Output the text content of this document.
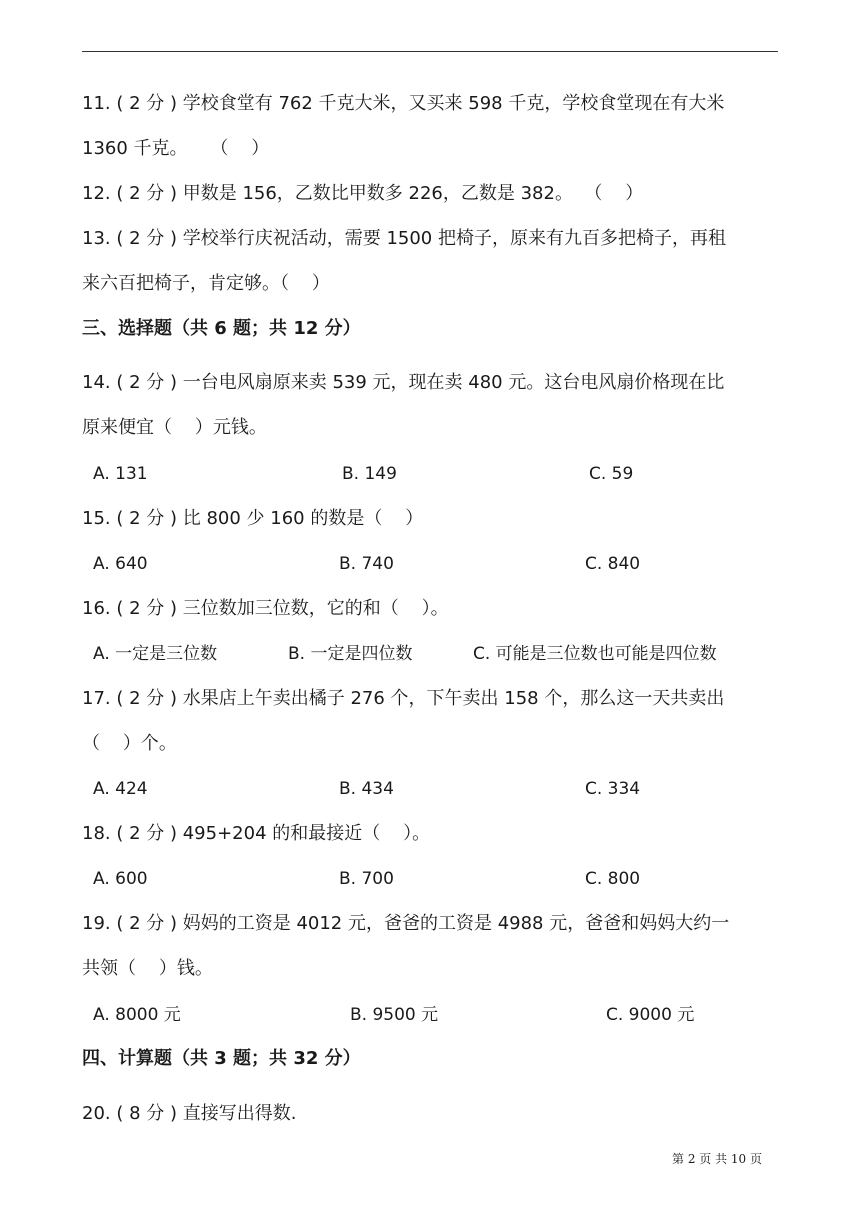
11. ( 2 分 ) 学校食堂有 762 千克大米，又买来 598 千克，学校食堂现在有大米
1360 千克。    （    ）
12. ( 2 分 ) 甲数是 156，乙数比甲数多 226，乙数是 382。  （    ）
13. ( 2 分 ) 学校举行庆祝活动，需要 1500 把椅子，原来有九百多把椅子，再租
来六百把椅子，肯定够。（    ）
三、选择题（共 6 题；共 12 分）
14. ( 2 分 ) 一台电风扇原来卖 539 元，现在卖 480 元。这台电风扇价格现在比
原来便宜（    ）元钱。
A. 131	B. 149	C. 59
15. ( 2 分 ) 比 800 少 160 的数是（    ）
A. 640	B. 740	C. 840
16. ( 2 分 ) 三位数加三位数，它的和（    ）。
A. 一定是三位数	B. 一定是四位数	C. 可能是三位数也可能是四位数
17. ( 2 分 ) 水果店上午卖出橘子 276 个，下午卖出 158 个，那么这一天共卖出
（    ）个。
A. 424	B. 434	C. 334
18. ( 2 分 ) 495+204 的和最接近（    ）。
A. 600	B. 700	C. 800
19. ( 2 分 ) 妈妈的工资是 4012 元，爸爸的工资是 4988 元，爸爸和妈妈大约一
共领（    ）钱。
A. 8000 元	B. 9500 元	C. 9000 元
四、计算题（共 3 题；共 32 分）
20. ( 8 分 ) 直接写出得数.
第 2 页 共 10 页
